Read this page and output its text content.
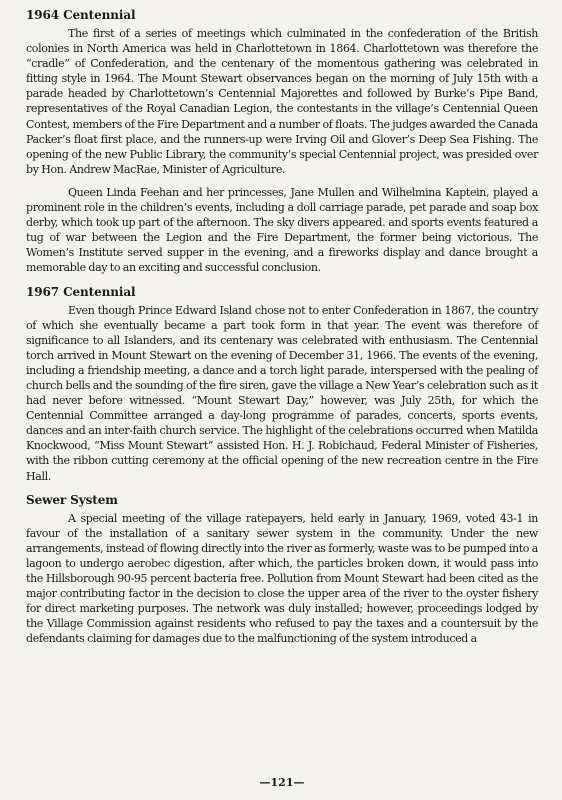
1964 Centennial

The first of a series of meetings which culminated in the confederation of the British colonies in North America was held in Charlottetown in 1864. Charlottetown was therefore the “cradle” of Confederation, and the centenary of the momentous gathering was celebrated in fitting style in 1964. The Mount Stewart observances began on the morning of July 15th with a parade headed by Charlottetown’s Centennial Majorettes and followed by Burke’s Pipe Band, representatives of the Royal Canadian Legion, the contestants in the village’s Centennial Queen Contest, members of the Fire Department and a number of floats. The judges awarded the Canada Packer’s float first place, and the runners-up were Irving Oil and Glover’s Deep Sea Fishing. The opening of the new Public Library, the community’s special Centennial project, was presided over by Hon. Andrew MacRae, Minister of Agriculture.

Queen Linda Feehan and her princesses, Jane Mullen and Wilhelmina Kaptein, played a prominent role in the children’s events, including a doll carriage parade, pet parade and soap box derby, which took up part of the afternoon. The sky divers appeared. and sports events featured a tug of war between the Legion and the Fire Department, the former being victorious. The Women’s Institute served supper in the evening, and a fireworks display and dance brought a memorable day to an exciting and successful conclusion.

1967 Centennial

Even though Prince Edward Island chose not to enter Confederation in 1867, the country of which she eventually became a part took form in that year. The event was therefore of significance to all Islanders, and its centenary was celebrated with enthusiasm. The Centennial torch arrived in Mount Stewart on the evening of December 31, 1966. The events of the evening, including a friendship meeting, a dance and a torch light parade, interspersed with the pealing of church bells and the sounding of the fire siren, gave the village a New Year’s celebration such as it had never before witnessed. “Mount Stewart Day,” however, was July 25th, for which the Centennial Committee arranged a day-long programme of parades, concerts, sports events, dances and an inter-faith church service. The highlight of the celebrations occurred when Matilda Knockwood, “Miss Mount Stewart” assisted Hon. H. J. Robichaud, Federal Minister of Fisheries, with the ribbon cutting ceremony at the official opening of the new recreation centre in the Fire Hall.

Sewer System

A special meeting of the village ratepayers, held early in January, 1969, voted 43-1 in favour of the installation of a sanitary sewer system in the community. Under the new arrangements, instead of flowing directly into the river as formerly, waste was to be pumped into a lagoon to undergo aerobec digestion, after which, the particles broken down, it would pass into the Hillsborough 90-95 percent bacteria free. Pollution from Mount Stewart had been cited as the major contributing factor in the decision to close the upper area of the river to the oyster fishery for direct marketing purposes. The network was duly installed; however, proceedings lodged by the Village Commission against residents who refused to pay the taxes and a countersuit by the defendants claiming for damages due to the malfunctioning of the system introduced a

—121—
